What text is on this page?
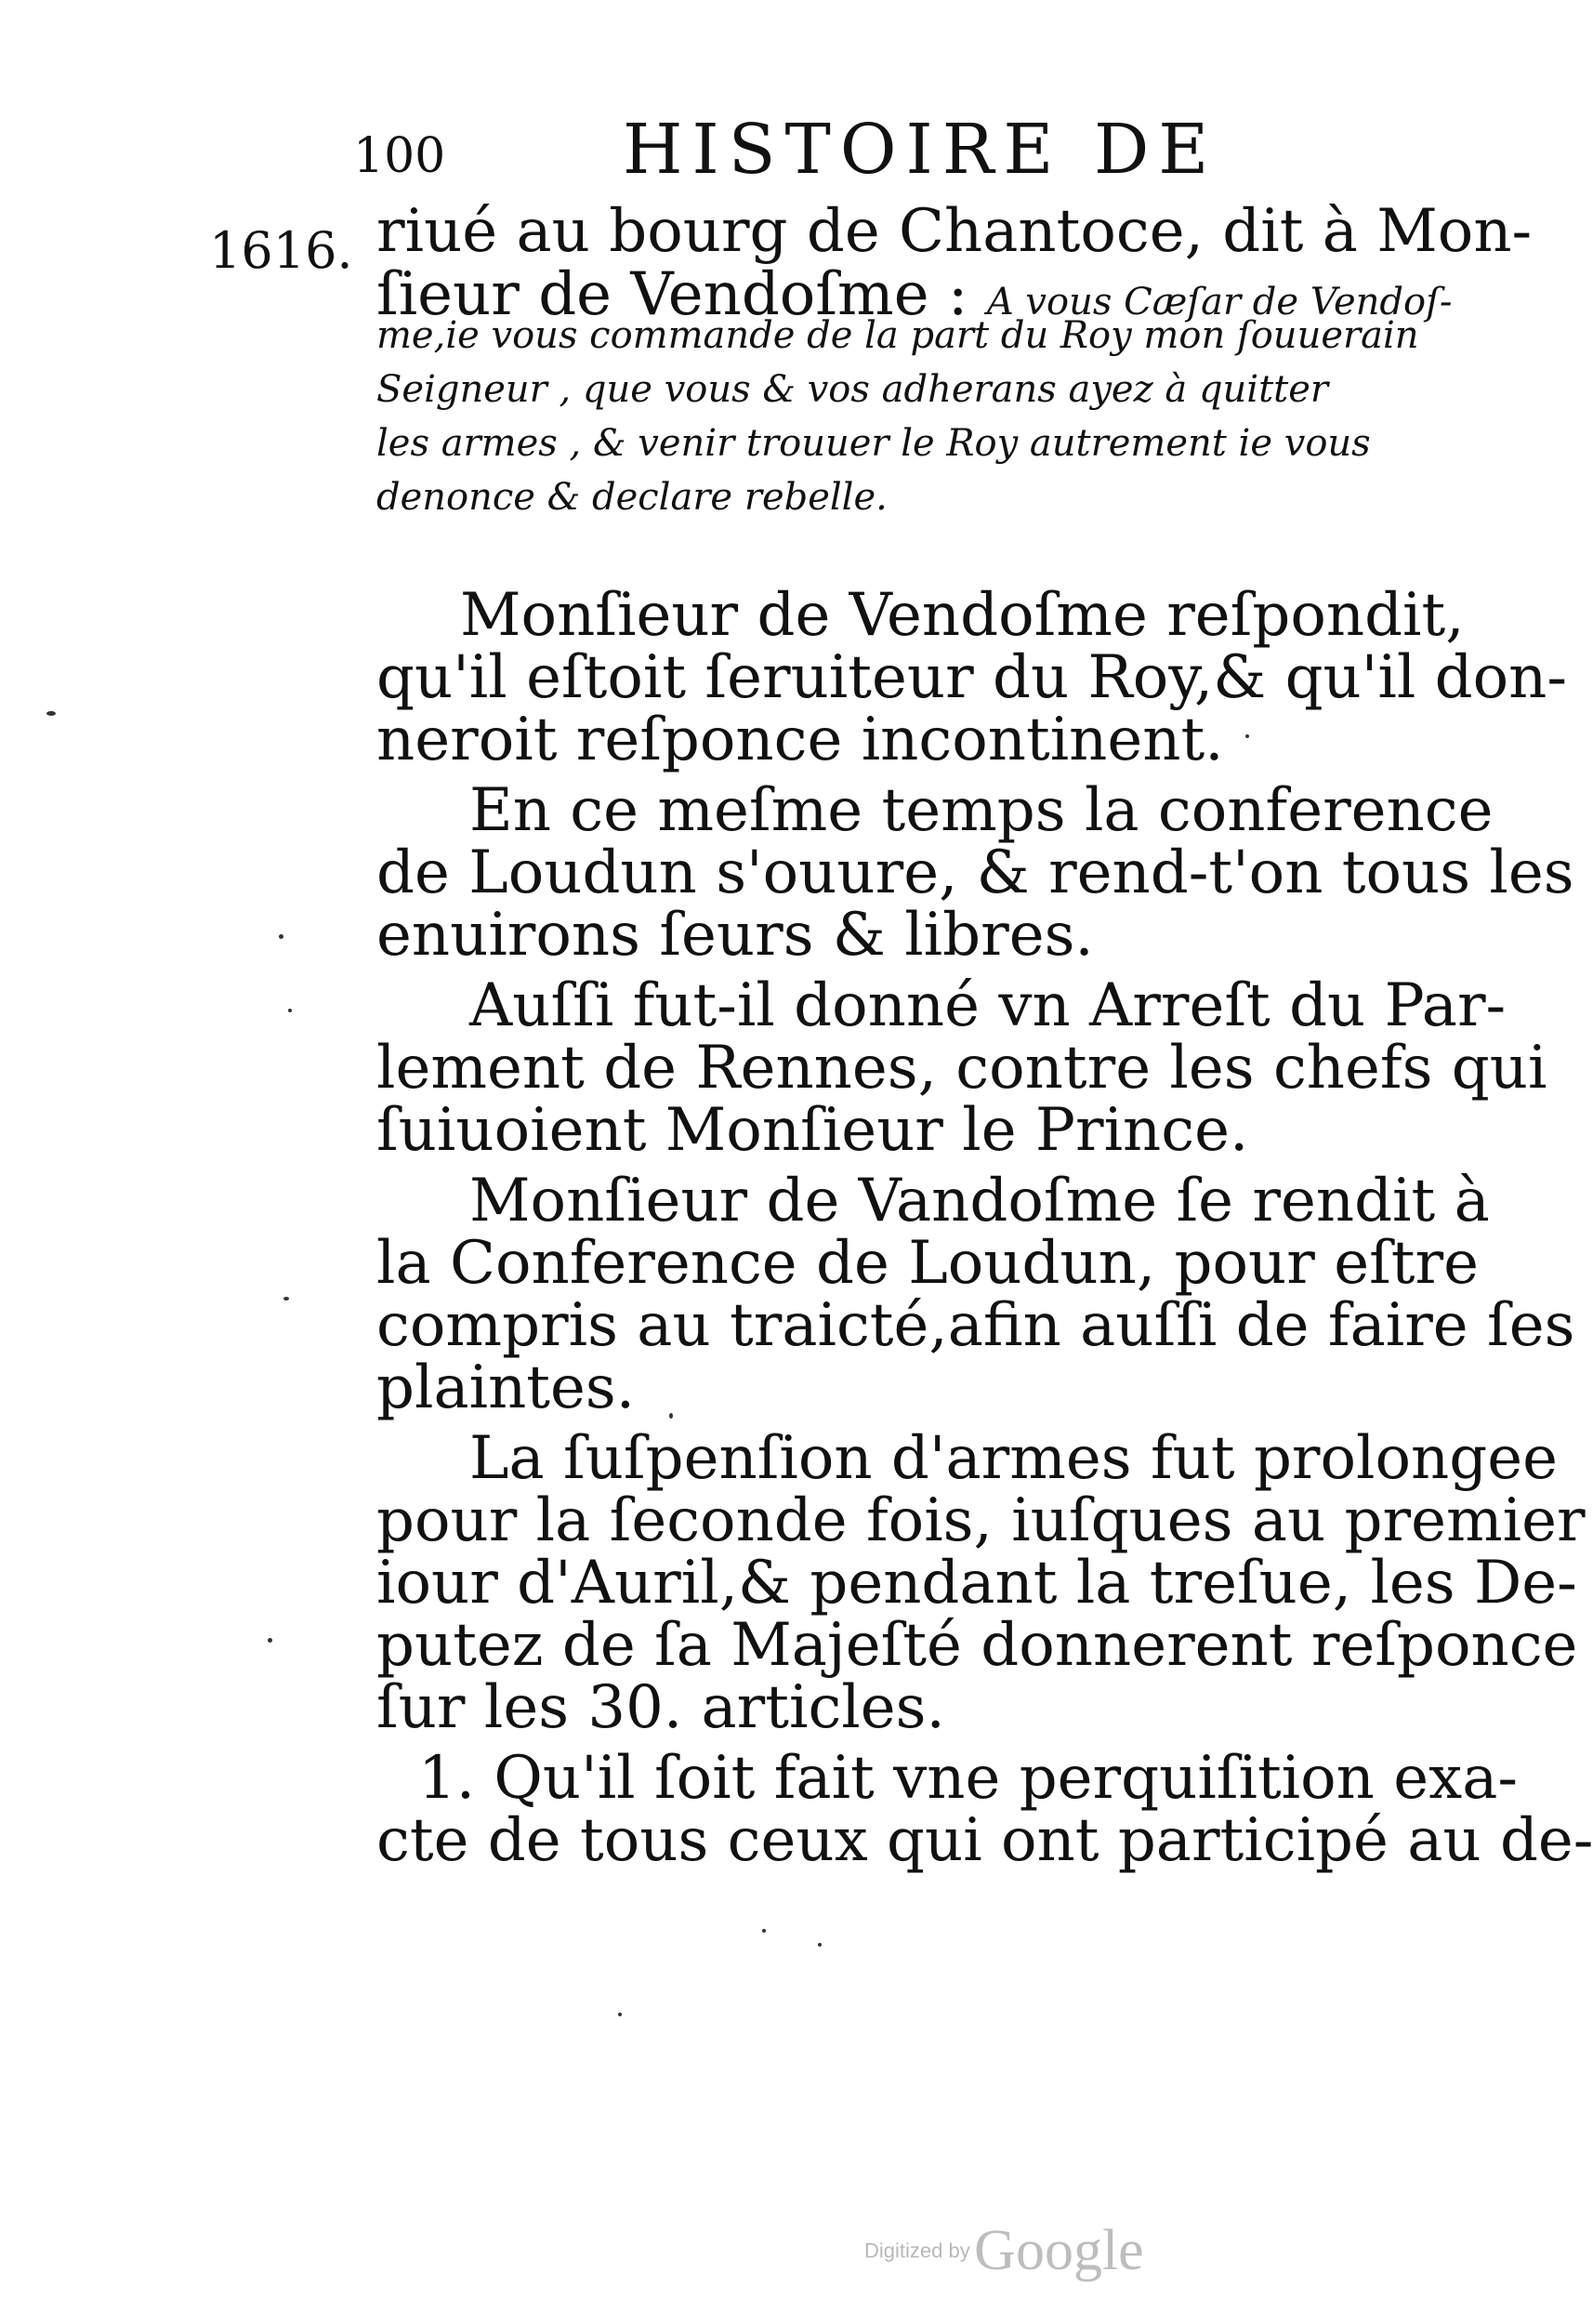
100	HISTOIRE DE
1616. riué au bourg de Chantoce, dit à Mon-
ſieur de Vendoſme : A vous Cæſar de Vendoſ-
me,ie vous commande de la part du Roy mon ſouuerain
Seigneur , que vous & vos adherans ayez à quitter
les armes , & venir trouuer le Roy autrement ie vous
denonce & declare rebelle.
Monſieur de Vendoſme reſpondit,
qu'il eſtoit ſeruiteur du Roy,& qu'il don-
neroit reſponce incontinent.
En ce meſme temps la conference
de Loudun s'ouure, & rend-t'on tous les
enuirons ſeurs & libres.
Auſſi fut-il donné vn Arreſt du Par-
lement de Rennes, contre les chefs qui
ſuiuoient Monſieur le Prince.
Monſieur de Vandoſme ſe rendit à
la Conference de Loudun, pour eſtre
compris au traicté,afin auſſi de faire ſes
plaintes.
La ſuſpenſion d'armes fut prolongee
pour la ſeconde fois, iuſques au premier
iour d'Auril,& pendant la treſue, les De-
putez de ſa Majeſté donnerent reſponce
ſur les 30. articles.
1. Qu'il ſoit fait vne perquiſition exa-
cte de tous ceux qui ont participé au de-
Digitized by Google
